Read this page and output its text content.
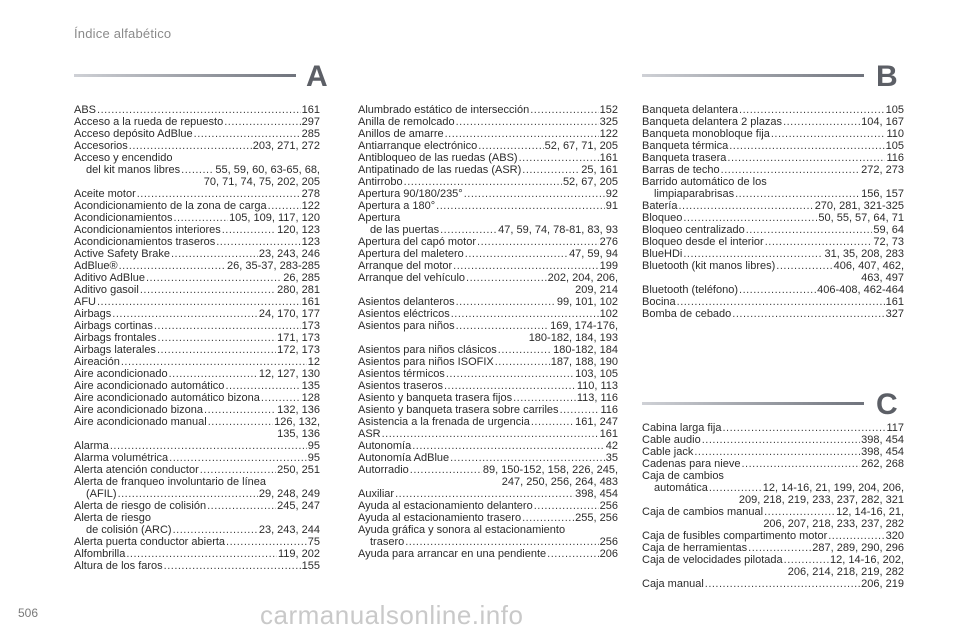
Índice alfabético
A	B
C
ABS .....	161
Acceso a la rueda de repuesto .....	297
Acceso depósito AdBlue .....	285
Accesorios .....	203, 271, 272
Acceso y encendido
del kit manos libres .....	55, 59, 60, 63-65, 68,
70, 71, 74, 75, 202, 205
Aceite motor .....	278
Acondicionamiento de la zona de carga .....	122
Acondicionamientos .....	105, 109, 117, 120
Acondicionamientos interiores .....	120, 123
Acondicionamientos traseros .....	123
Active Safety Brake .....	23, 243, 246
AdBlue® .....	26, 35-37, 283-285
Aditivo AdBlue .....	26, 285
Aditivo gasoil .....	280, 281
AFU .....	161
Airbags .....	24, 170, 177
Airbags cortinas .....	173
Airbags frontales .....	171, 173
Airbags laterales .....	172, 173
Aireación .....	12
Aire acondicionado .....	12, 127, 130
Aire acondicionado automático .....	135
Aire acondicionado automático bizona .....	128
Aire acondicionado bizona .....	132, 136
Aire acondicionado manual .....	126, 132,
135, 136
Alarma .....	95
Alarma volumétrica .....	95
Alerta atención conductor .....	250, 251
Alerta de franqueo involuntario de línea
(AFIL) .....	29, 248, 249
Alerta de riesgo de colisión .....	245, 247
Alerta de riesgo
de colisión (ARC) .....	23, 243, 244
Alerta puerta conductor abierta .....	75
Alfombrilla .....	119, 202
Altura de los faros .....	155
Alumbrado estático de intersección .....	152
Anilla de remolcado .....	325
Anillos de amarre .....	122
Antiarranque electrónico .....	52, 67, 71, 205
Antibloqueo de las ruedas (ABS) .....	161
Antipatinado de las ruedas (ASR) .....	25, 161
Antirrobo .....	52, 67, 205
Apertura 90/180/235° .....	92
Apertura a 180° .....	91
Apertura
de las puertas .....	47, 59, 74, 78-81, 83, 93
Apertura del capó motor .....	276
Apertura del maletero .....	47, 59, 94
Arranque del motor .....	199
Arranque del vehículo .....	202, 204, 206,
209, 214
Asientos delanteros .....	99, 101, 102
Asientos eléctricos .....	102
Asientos para niños .....	169, 174-176,
180-182, 184, 193
Asientos para niños clásicos .....	180-182, 184
Asientos para niños ISOFIX .....	187, 188, 190
Asientos térmicos .....	103, 105
Asientos traseros .....	110, 113
Asiento y banqueta trasera fijos .....	113, 116
Asiento y banqueta trasera sobre carriles .....	116
Asistencia a la frenada de urgencia .....	161, 247
ASR .....	161
Autonomía .....	42
Autonomía AdBlue .....	35
Autorradio .....	89, 150-152, 158, 226, 245,
247, 250, 256, 264, 483
Auxiliar .....	398, 454
Ayuda al estacionamiento delantero .....	256
Ayuda al estacionamiento trasero .....	255, 256
Ayuda gráfica y sonora al estacionamiento
trasero .....	256
Ayuda para arrancar en una pendiente .....	206
Banqueta delantera .....	105
Banqueta delantera 2 plazas .....	104, 167
Banqueta monobloque fija .....	110
Banqueta térmica .....	105
Banqueta trasera .....	116
Barras de techo .....	272, 273
Barrido automático de los
limpiaparabrisas .....	156, 157
Batería .....	270, 281, 321-325
Bloqueo .....	50, 55, 57, 64, 71
Bloqueo centralizado .....	59, 64
Bloqueo desde el interior .....	72, 73
BlueHDi .....	31, 35, 208, 283
Bluetooth (kit manos libres) .....	406, 407, 462,
463, 497
Bluetooth (teléfono) .....	406-408, 462-464
Bocina .....	161
Bomba de cebado .....	327
Cabina larga fija .....	117
Cable audio .....	398, 454
Cable jack .....	398, 454
Cadenas para nieve .....	262, 268
Caja de cambios
automática .....	12, 14-16, 21, 199, 204, 206,
209, 218, 219, 233, 237, 282, 321
Caja de cambios manual .....	12, 14-16, 21,
206, 207, 218, 233, 237, 282
Caja de fusibles compartimento motor .....	320
Caja de herramientas .....	287, 289, 290, 296
Caja de velocidades pilotada .....	12, 14-16, 202,
206, 214, 218, 219, 282
Caja manual .....	206, 219
506	carmanualsonline.info
